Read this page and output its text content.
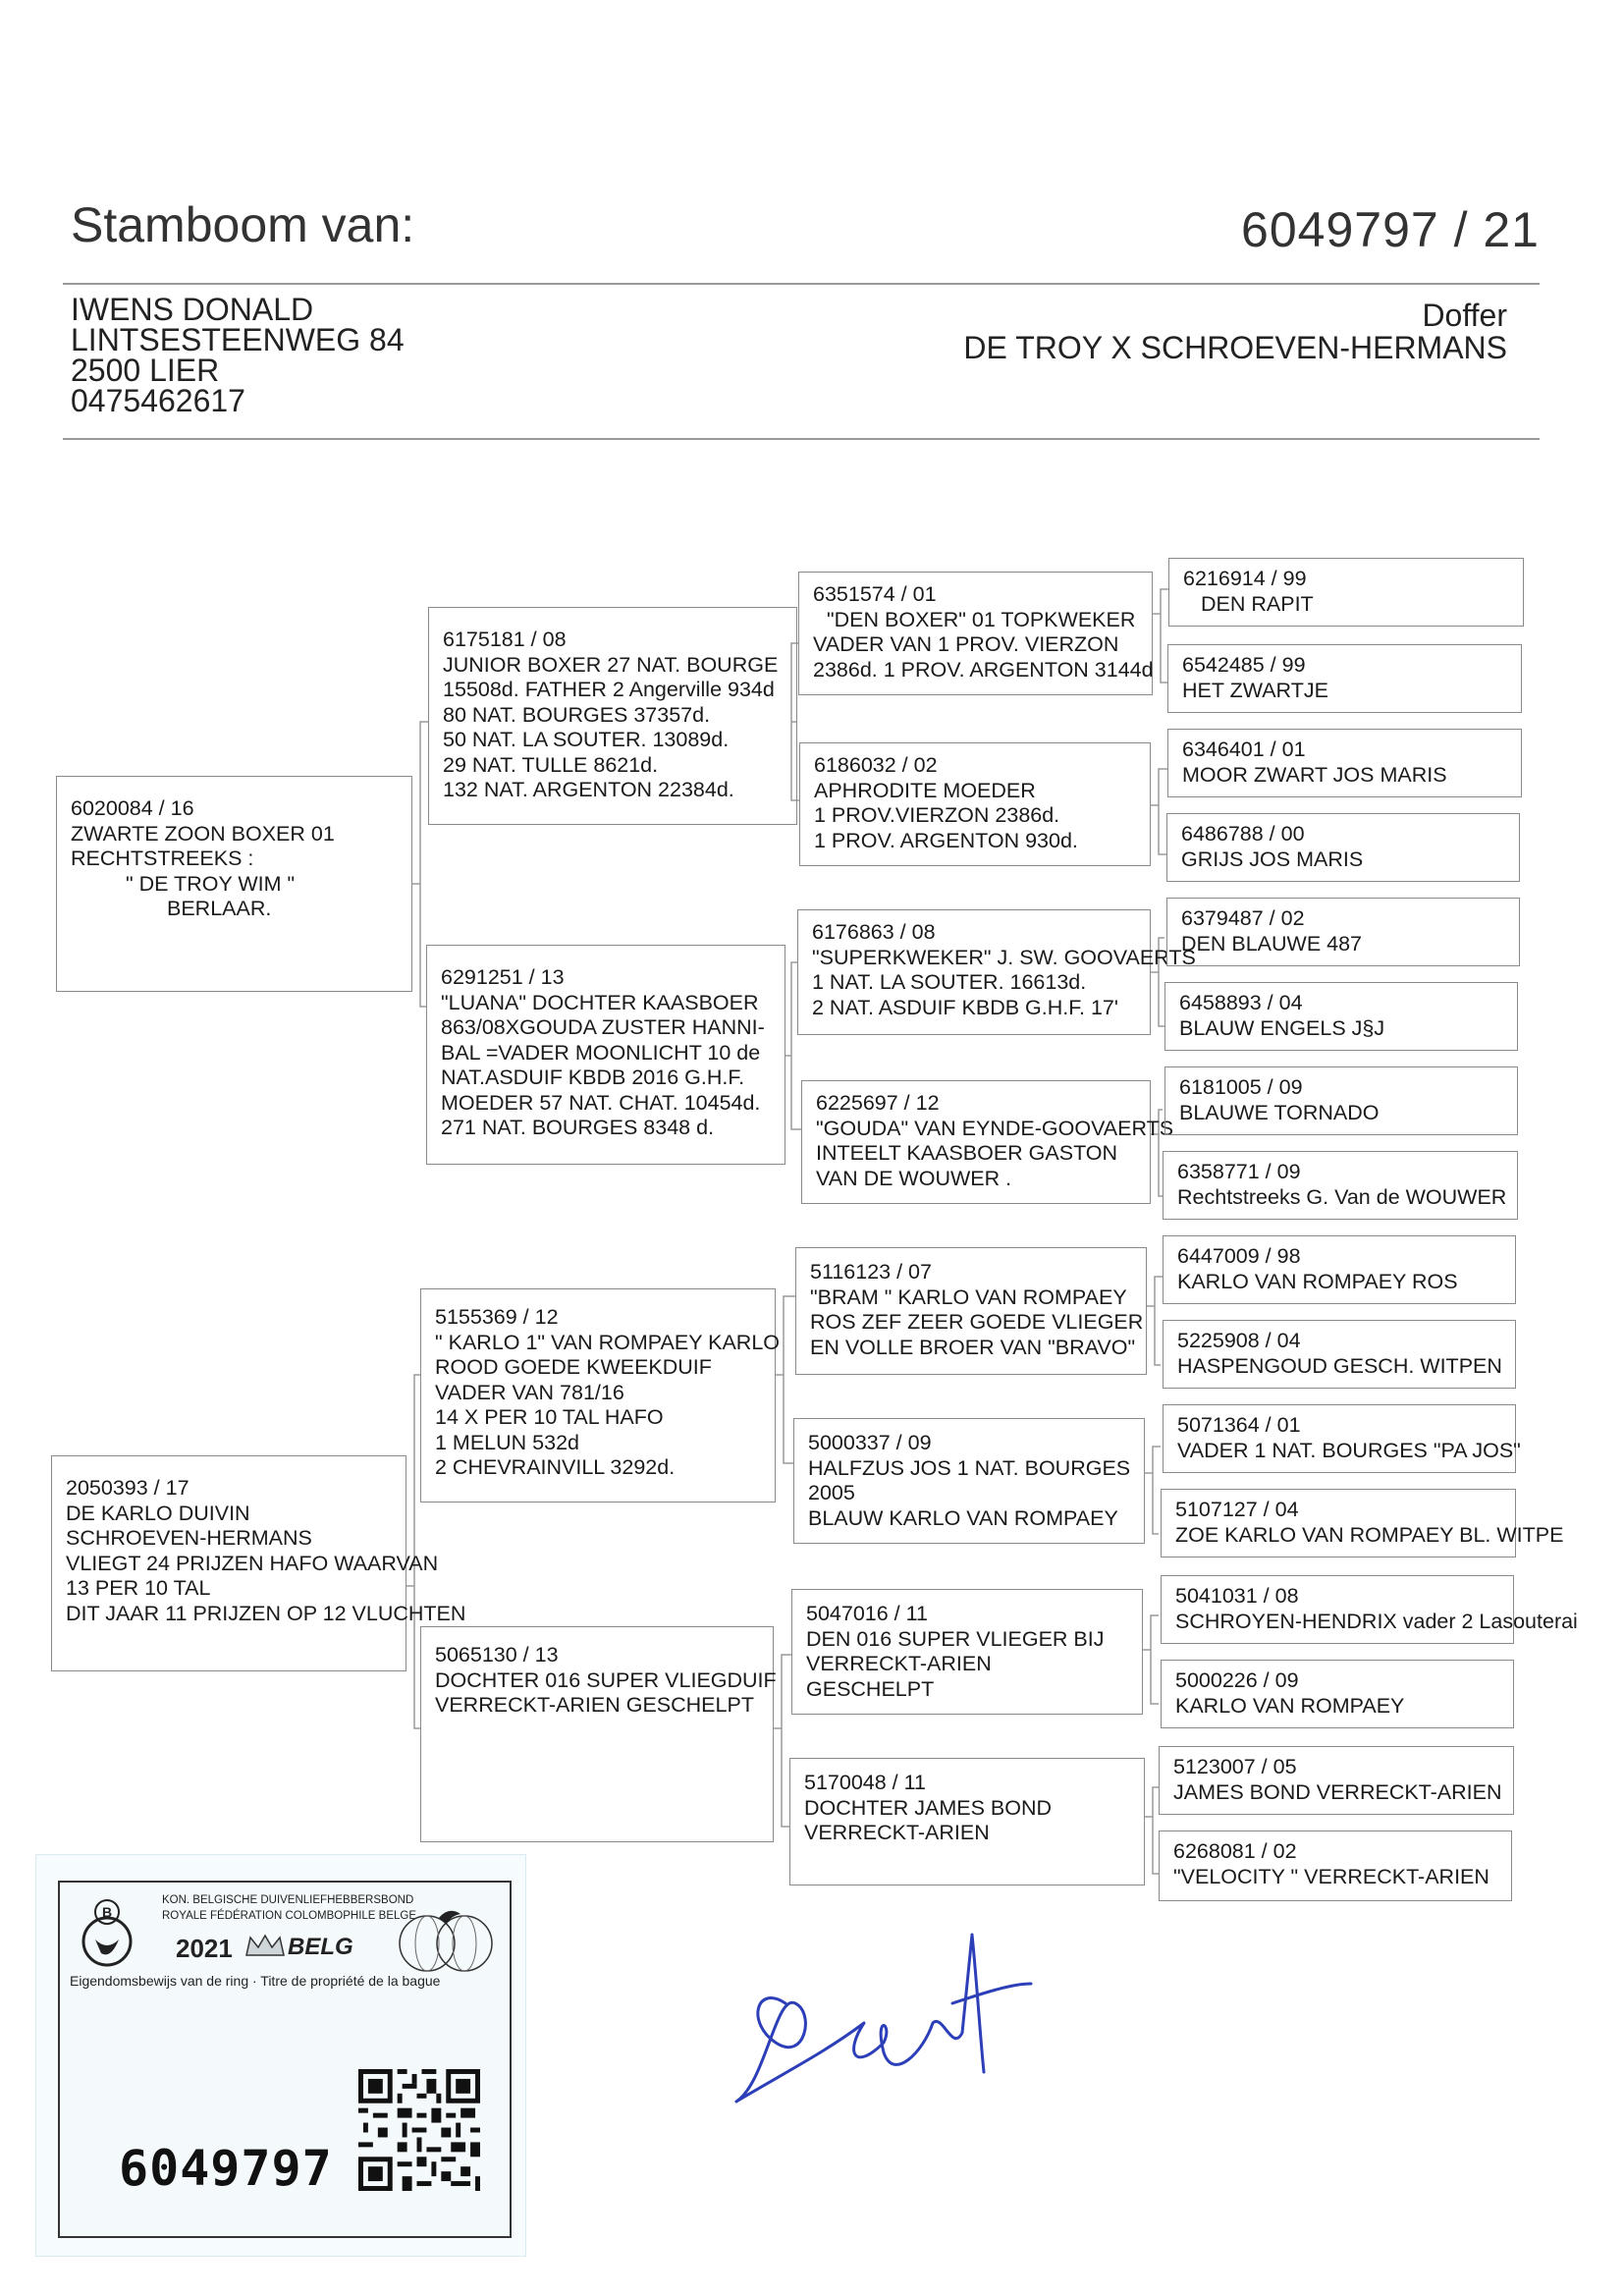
Stamboom van:	6049797 / 21
IWENS DONALD
LINTSESTEENWEG 84
2500 LIER
0475462617
Doffer
DE TROY X SCHROEVEN-HERMANS
6020084 / 16
ZWARTE ZOON BOXER 01
RECHTSTREEKS :
" DE TROY WIM "
BERLAAR.
2050393 / 17
DE KARLO DUIVIN
SCHROEVEN-HERMANS
VLIEGT 24 PRIJZEN HAFO WAARVAN
13 PER 10 TAL
DIT JAAR 11 PRIJZEN OP 12 VLUCHTEN
6175181 / 08
JUNIOR BOXER 27 NAT. BOURGE
15508d. FATHER 2 Angerville 934d
80 NAT. BOURGES 37357d.
50 NAT. LA SOUTER. 13089d.
29 NAT. TULLE 8621d.
132 NAT. ARGENTON 22384d.
6291251 / 13
"LUANA" DOCHTER KAASBOER
863/08XGOUDA ZUSTER HANNI-
BAL =VADER MOONLICHT 10 de
NAT.ASDUIF KBDB 2016 G.H.F.
MOEDER 57 NAT. CHAT. 10454d.
271 NAT. BOURGES 8348 d.
5155369 / 12
" KARLO 1" VAN ROMPAEY KARLO
ROOD GOEDE KWEEKDUIF
VADER VAN 781/16
14 X PER 10 TAL HAFO
1 MELUN 532d
2 CHEVRAINVILL 3292d.
5065130 / 13
DOCHTER 016 SUPER VLIEGDUIF
VERRECKT-ARIEN GESCHELPT
6351574 / 01
"DEN BOXER" 01 TOPKWEKER
VADER VAN 1 PROV. VIERZON
2386d. 1 PROV. ARGENTON 3144d
6186032 / 02
APHRODITE MOEDER
1 PROV.VIERZON 2386d.
1 PROV. ARGENTON 930d.
6176863 / 08
"SUPERKWEKER" J. SW. GOOVAERTS
1 NAT. LA SOUTER. 16613d.
2 NAT. ASDUIF KBDB G.H.F. 17'
6225697 / 12
"GOUDA" VAN EYNDE-GOOVAERTS
INTEELT KAASBOER GASTON
VAN DE WOUWER .
5116123 / 07
"BRAM " KARLO VAN ROMPAEY
ROS ZEF ZEER GOEDE VLIEGER
EN VOLLE BROER VAN "BRAVO"
5000337 / 09
HALFZUS JOS 1 NAT. BOURGES
2005
BLAUW KARLO VAN ROMPAEY
5047016 / 11
DEN 016 SUPER VLIEGER BIJ
VERRECKT-ARIEN
GESCHELPT
5170048 / 11
DOCHTER JAMES BOND
VERRECKT-ARIEN
6216914 / 99
DEN RAPIT
6542485 / 99
HET ZWARTJE
6346401 / 01
MOOR ZWART JOS MARIS
6486788 / 00
GRIJS JOS MARIS
6379487 / 02
DEN BLAUWE 487
6458893 / 04
BLAUW ENGELS J§J
6181005 / 09
BLAUWE TORNADO
6358771 / 09
Rechtstreeks G. Van de WOUWER
6447009 / 98
KARLO VAN ROMPAEY ROS
5225908 / 04
HASPENGOUD GESCH. WITPEN
5071364 / 01
VADER 1 NAT. BOURGES "PA JOS"
5107127 / 04
ZOE KARLO VAN ROMPAEY BL. WITPE
5041031 / 08
SCHROYEN-HENDRIX vader 2 Lasouterai
5000226 / 09
KARLO VAN ROMPAEY
5123007 / 05
JAMES BOND VERRECKT-ARIEN
6268081 / 02
"VELOCITY " VERRECKT-ARIEN
B
KON. BELGISCHE DUIVENLIEFHEBBERSBOND
ROYALE FÉDÉRATION COLOMBOPHILE BELGE
2021 BELG
Eigendomsbewijs van de ring · Titre de propriété de la bague
6049797
